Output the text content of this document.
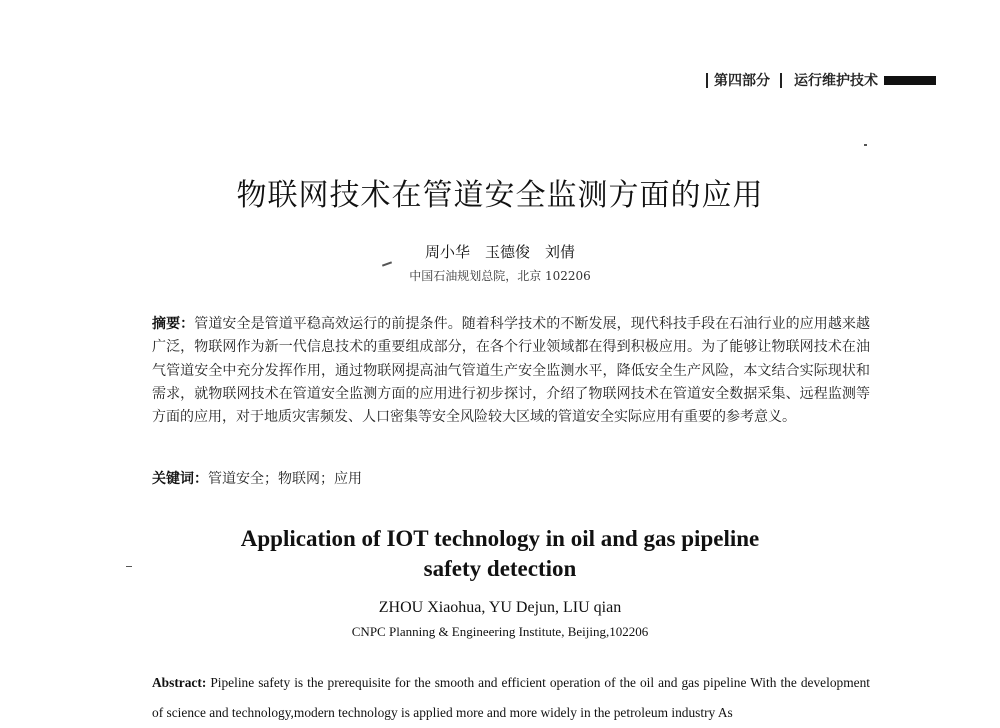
第四部分 运行维护技术
物联网技术在管道安全监测方面的应用
周小华　玉德俊　刘倩
中国石油规划总院，北京 102206
摘要：管道安全是管道平稳高效运行的前提条件。随着科学技术的不断发展，现代科技手段在石油行业的应用越来越广泛，物联网作为新一代信息技术的重要组成部分，在各个行业领域都在得到积极应用。为了能够让物联网技术在油气管道安全中充分发挥作用，通过物联网提高油气管道生产安全监测水平，降低安全生产风险，本文结合实际现状和需求，就物联网技术在管道安全监测方面的应用进行初步探讨，介绍了物联网技术在管道安全数据采集、远程监测等方面的应用，对于地质灾害频发、人口密集等安全风险较大区域的管道安全实际应用有重要的参考意义。
关键词：管道安全；物联网；应用
Application of IOT technology in oil and gas pipeline
safety detection
ZHOU Xiaohua, YU Dejun, LIU qian
CNPC Planning & Engineering Institute, Beijing,102206
Abstract: Pipeline safety is the prerequisite for the smooth and efficient operation of the oil and gas pipeline With the development of science and technology,modern technology is applied more and more widely in the petroleum industry As
